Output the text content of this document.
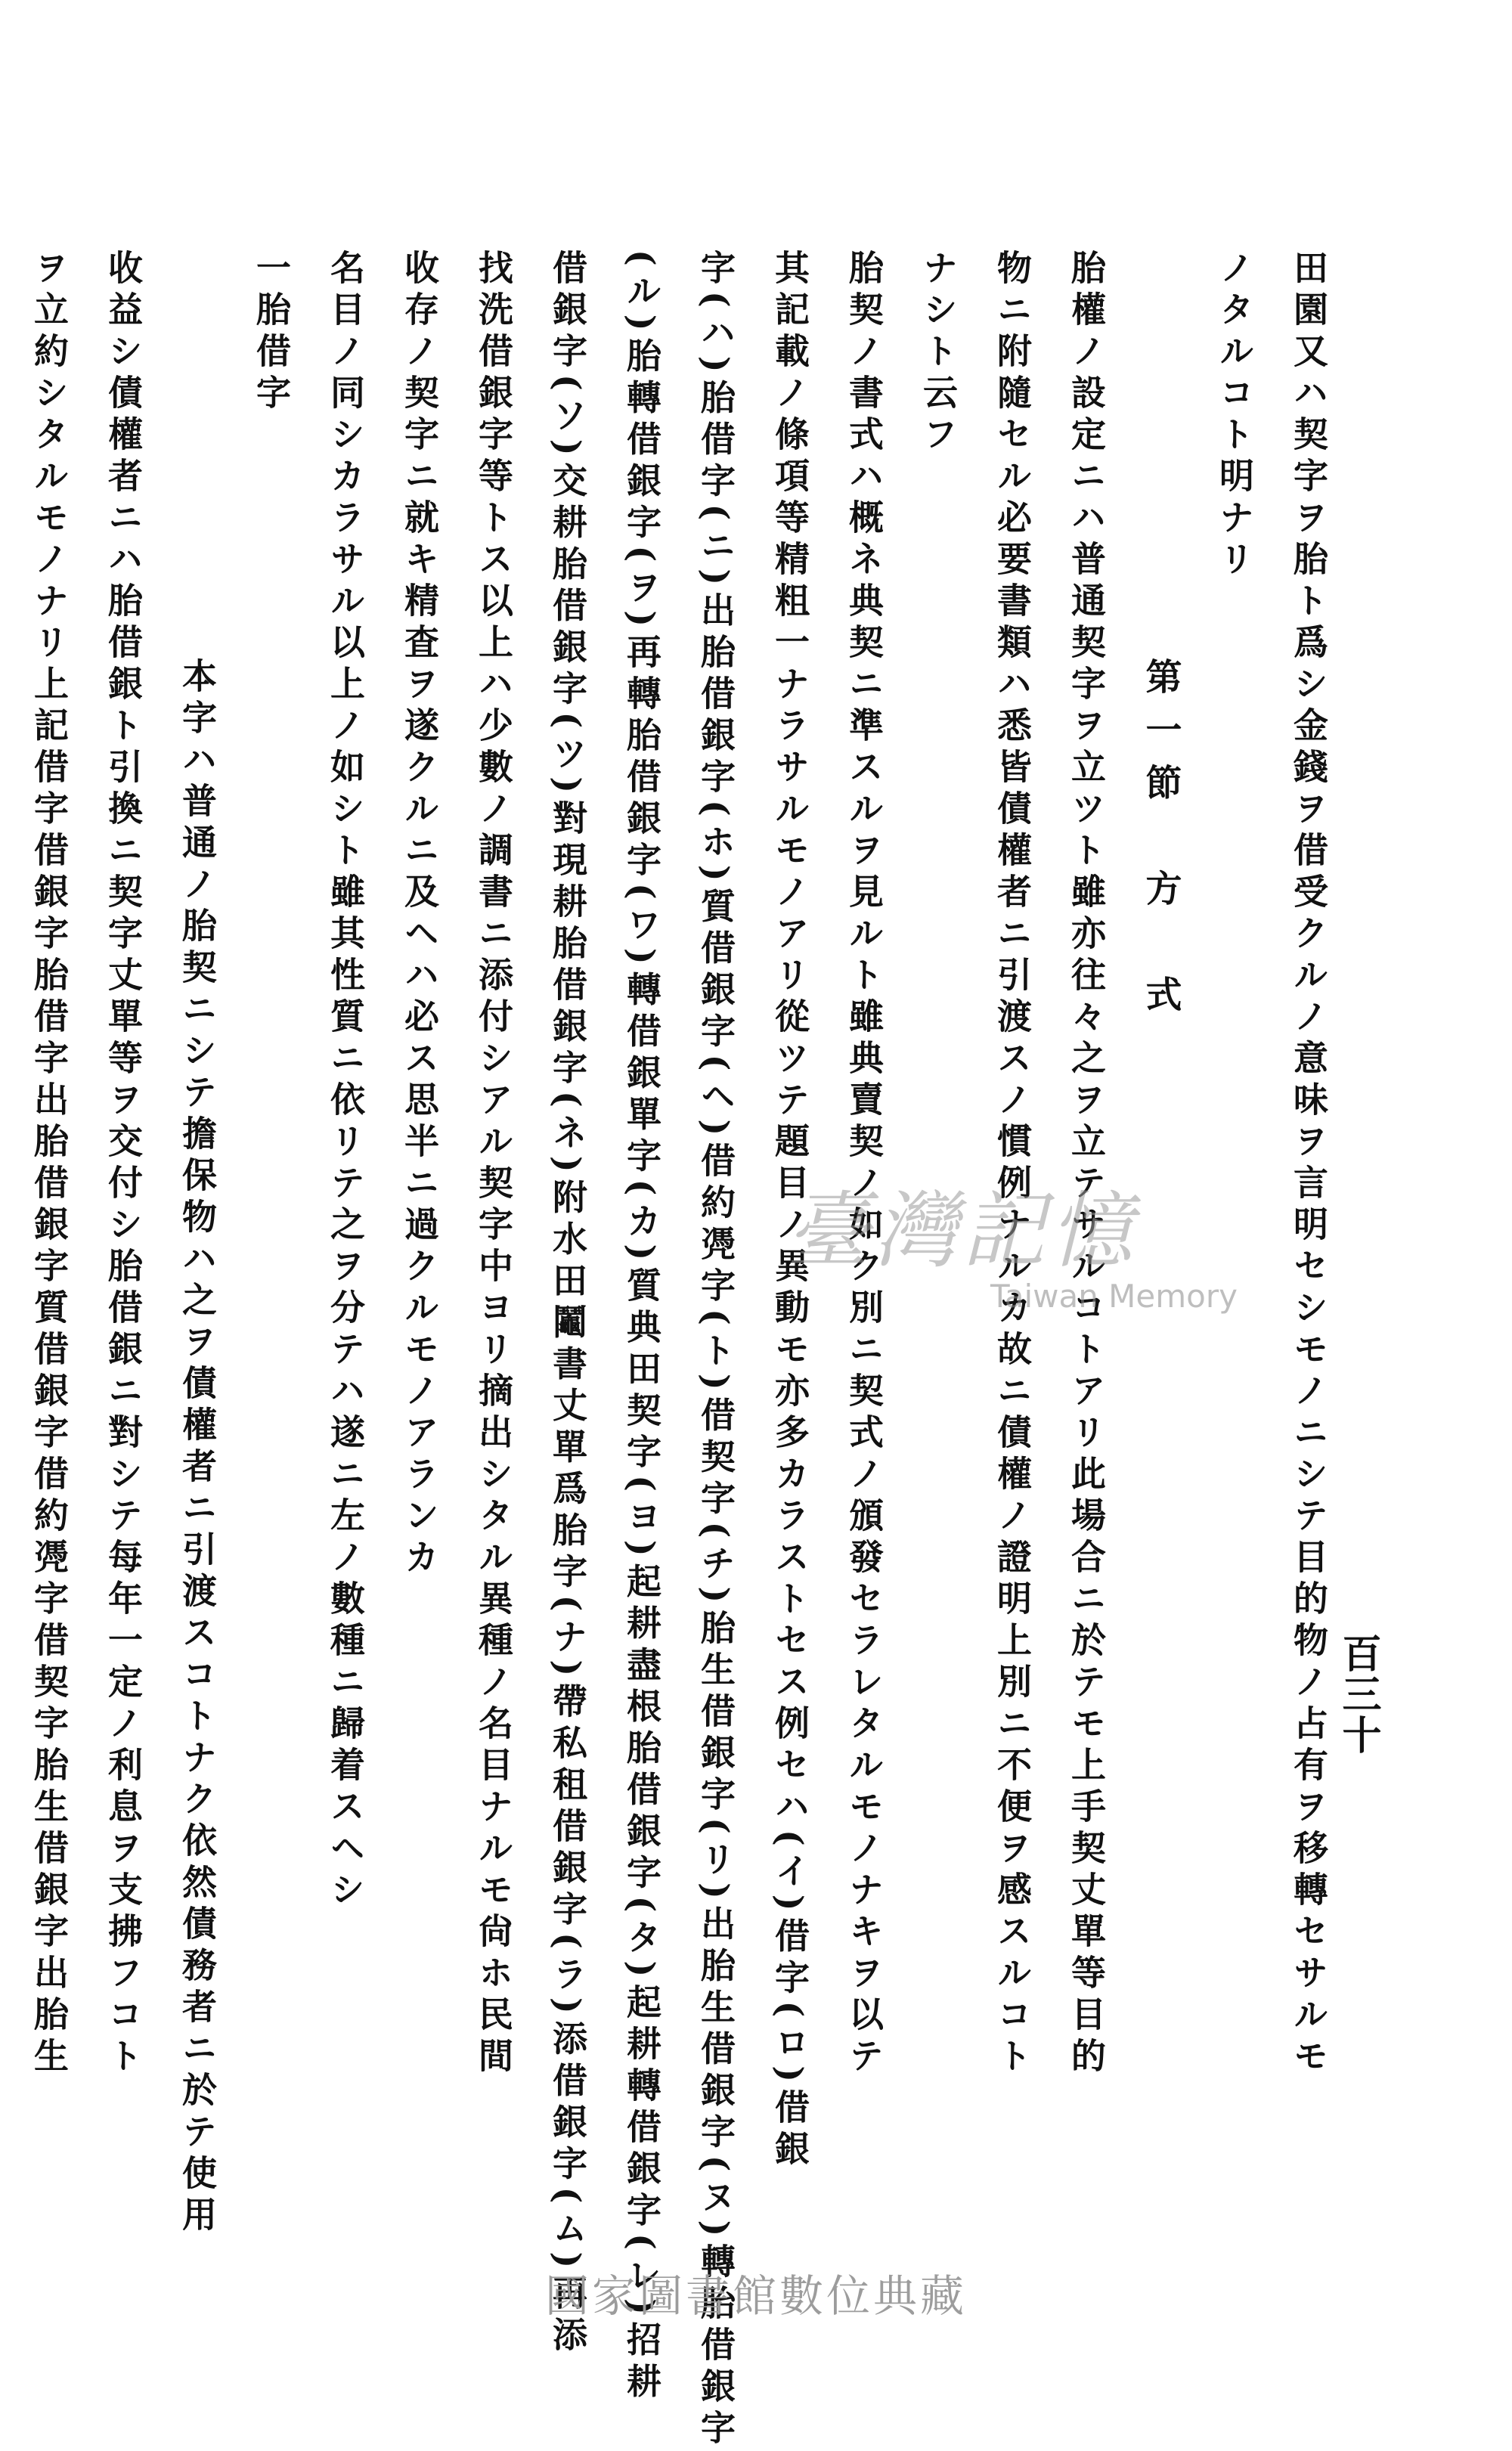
百三十
田園又ハ契字ヲ胎ト爲シ金錢ヲ借受クルノ意味ヲ言明セシモノニシテ目的物ノ占有ヲ移轉セサルモ
ノタルコト明ナリ
第一節　方　式
胎權ノ設定ニハ普通契字ヲ立ツト雖亦往々之ヲ立テサルコトアリ此場合ニ於テモ上手契丈單等目的
物ニ附隨セル必要書類ハ悉皆債權者ニ引渡スノ慣例ナルカ故ニ債權ノ證明上別ニ不便ヲ感スルコト
ナシト云フ
胎契ノ書式ハ概ネ典契ニ準スルヲ見ルト雖典賣契ノ如ク別ニ契式ノ頒發セラレタルモノナキヲ以テ
其記載ノ條項等精粗一ナラサルモノアリ從ツテ題目ノ異動モ亦多カラストセス例セハ(イ)借字(ロ)借銀
字(ハ)胎借字(ニ)出胎借銀字(ホ)質借銀字(ヘ)借約凴字(ト)借契字(チ)胎生借銀字(リ)出胎生借銀字(ヌ)轉胎借銀字
(ル)胎轉借銀字(ヲ)再轉胎借銀字(ワ)轉借銀單字(カ)質典田契字(ヨ)起耕盡根胎借銀字(タ)起耕轉借銀字(レ)招耕
借銀字(ソ)交耕胎借銀字(ツ)對現耕胎借銀字(ネ)附水田鬮書丈單爲胎字(ナ)帶私租借銀字(ラ)添借銀字(ム)再添
找洗借銀字等トス以上ハ少數ノ調書ニ添付シアル契字中ヨリ摘出シタル異種ノ名目ナルモ尙ホ民間
收存ノ契字ニ就キ精査ヲ遂クルニ及ヘハ必ス思半ニ過クルモノアランカ
名目ノ同シカラサル以上ノ如シト雖其性質ニ依リテ之ヲ分テハ遂ニ左ノ數種ニ歸着スヘシ
一胎借字
本字ハ普通ノ胎契ニシテ擔保物ハ之ヲ債權者ニ引渡スコトナク依然債務者ニ於テ使用
收益シ債權者ニハ胎借銀ト引換ニ契字丈單等ヲ交付シ胎借銀ニ對シテ每年一定ノ利息ヲ支拂フコト
ヲ立約シタルモノナリ上記借字借銀字胎借字出胎借銀字質借銀字借約凴字借契字胎生借銀字出胎生	臺灣記憶
Taiwan Memory
國家圖書館數位典藏
